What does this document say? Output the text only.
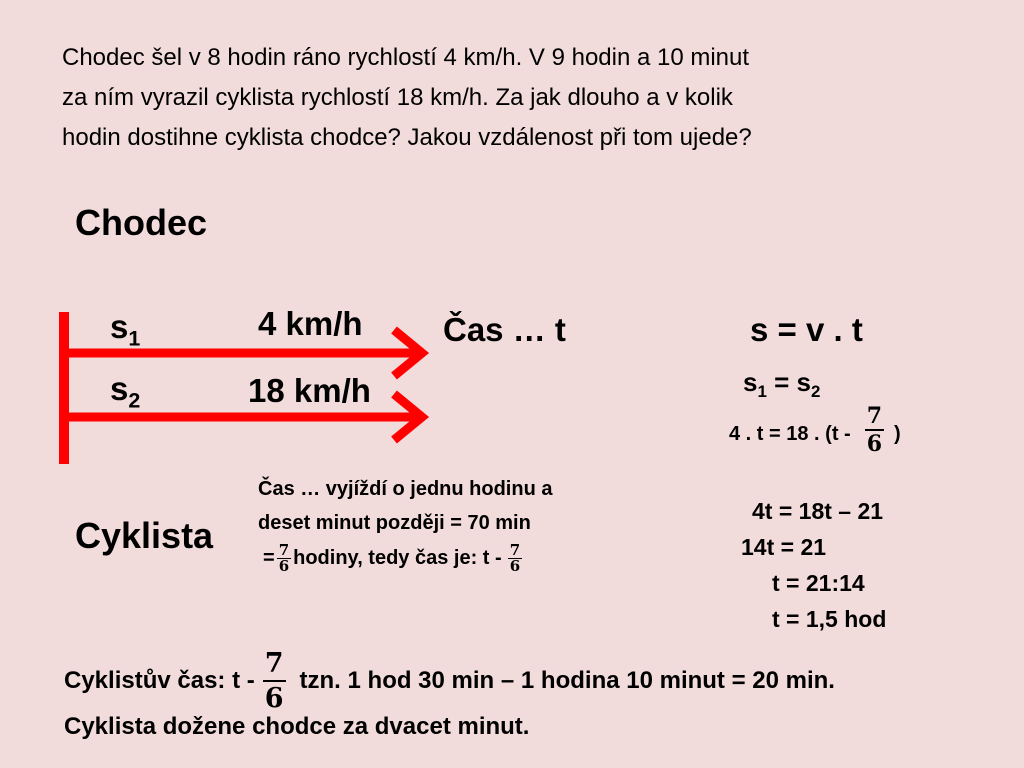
Chodec šel v 8 hodin ráno rychlostí 4 km/h. V 9 hodin a 10 minut
za ním vyrazil cyklista rychlostí 18 km/h. Za jak dlouho a v kolik
hodin dostihne cyklista chodce? Jakou vzdálenost při tom ujede?
Chodec
Cyklista
$s_1$	4 km/h
$s_2$	18 km/h
Čas … t
Čas … vyjíždí o jednu hodinu a
deset minut později = 70 min
= $\frac{7}{6}$ hodiny, tedy čas je: t - $\frac{7}{6}$
s = v . t
$s_1 = s_2$
4 . t = 18 . ($t - \frac{7}{6}$ )
4t = 18t – 21
14t = 21
t = 21:14
t = 1,5 hod
Cyklistův čas: t - $\frac{7}{6}$ tzn. 1 hod 30 min – 1 hodina 10 minut = 20 min.
Cyklista dožene chodce za dvacet minut.
